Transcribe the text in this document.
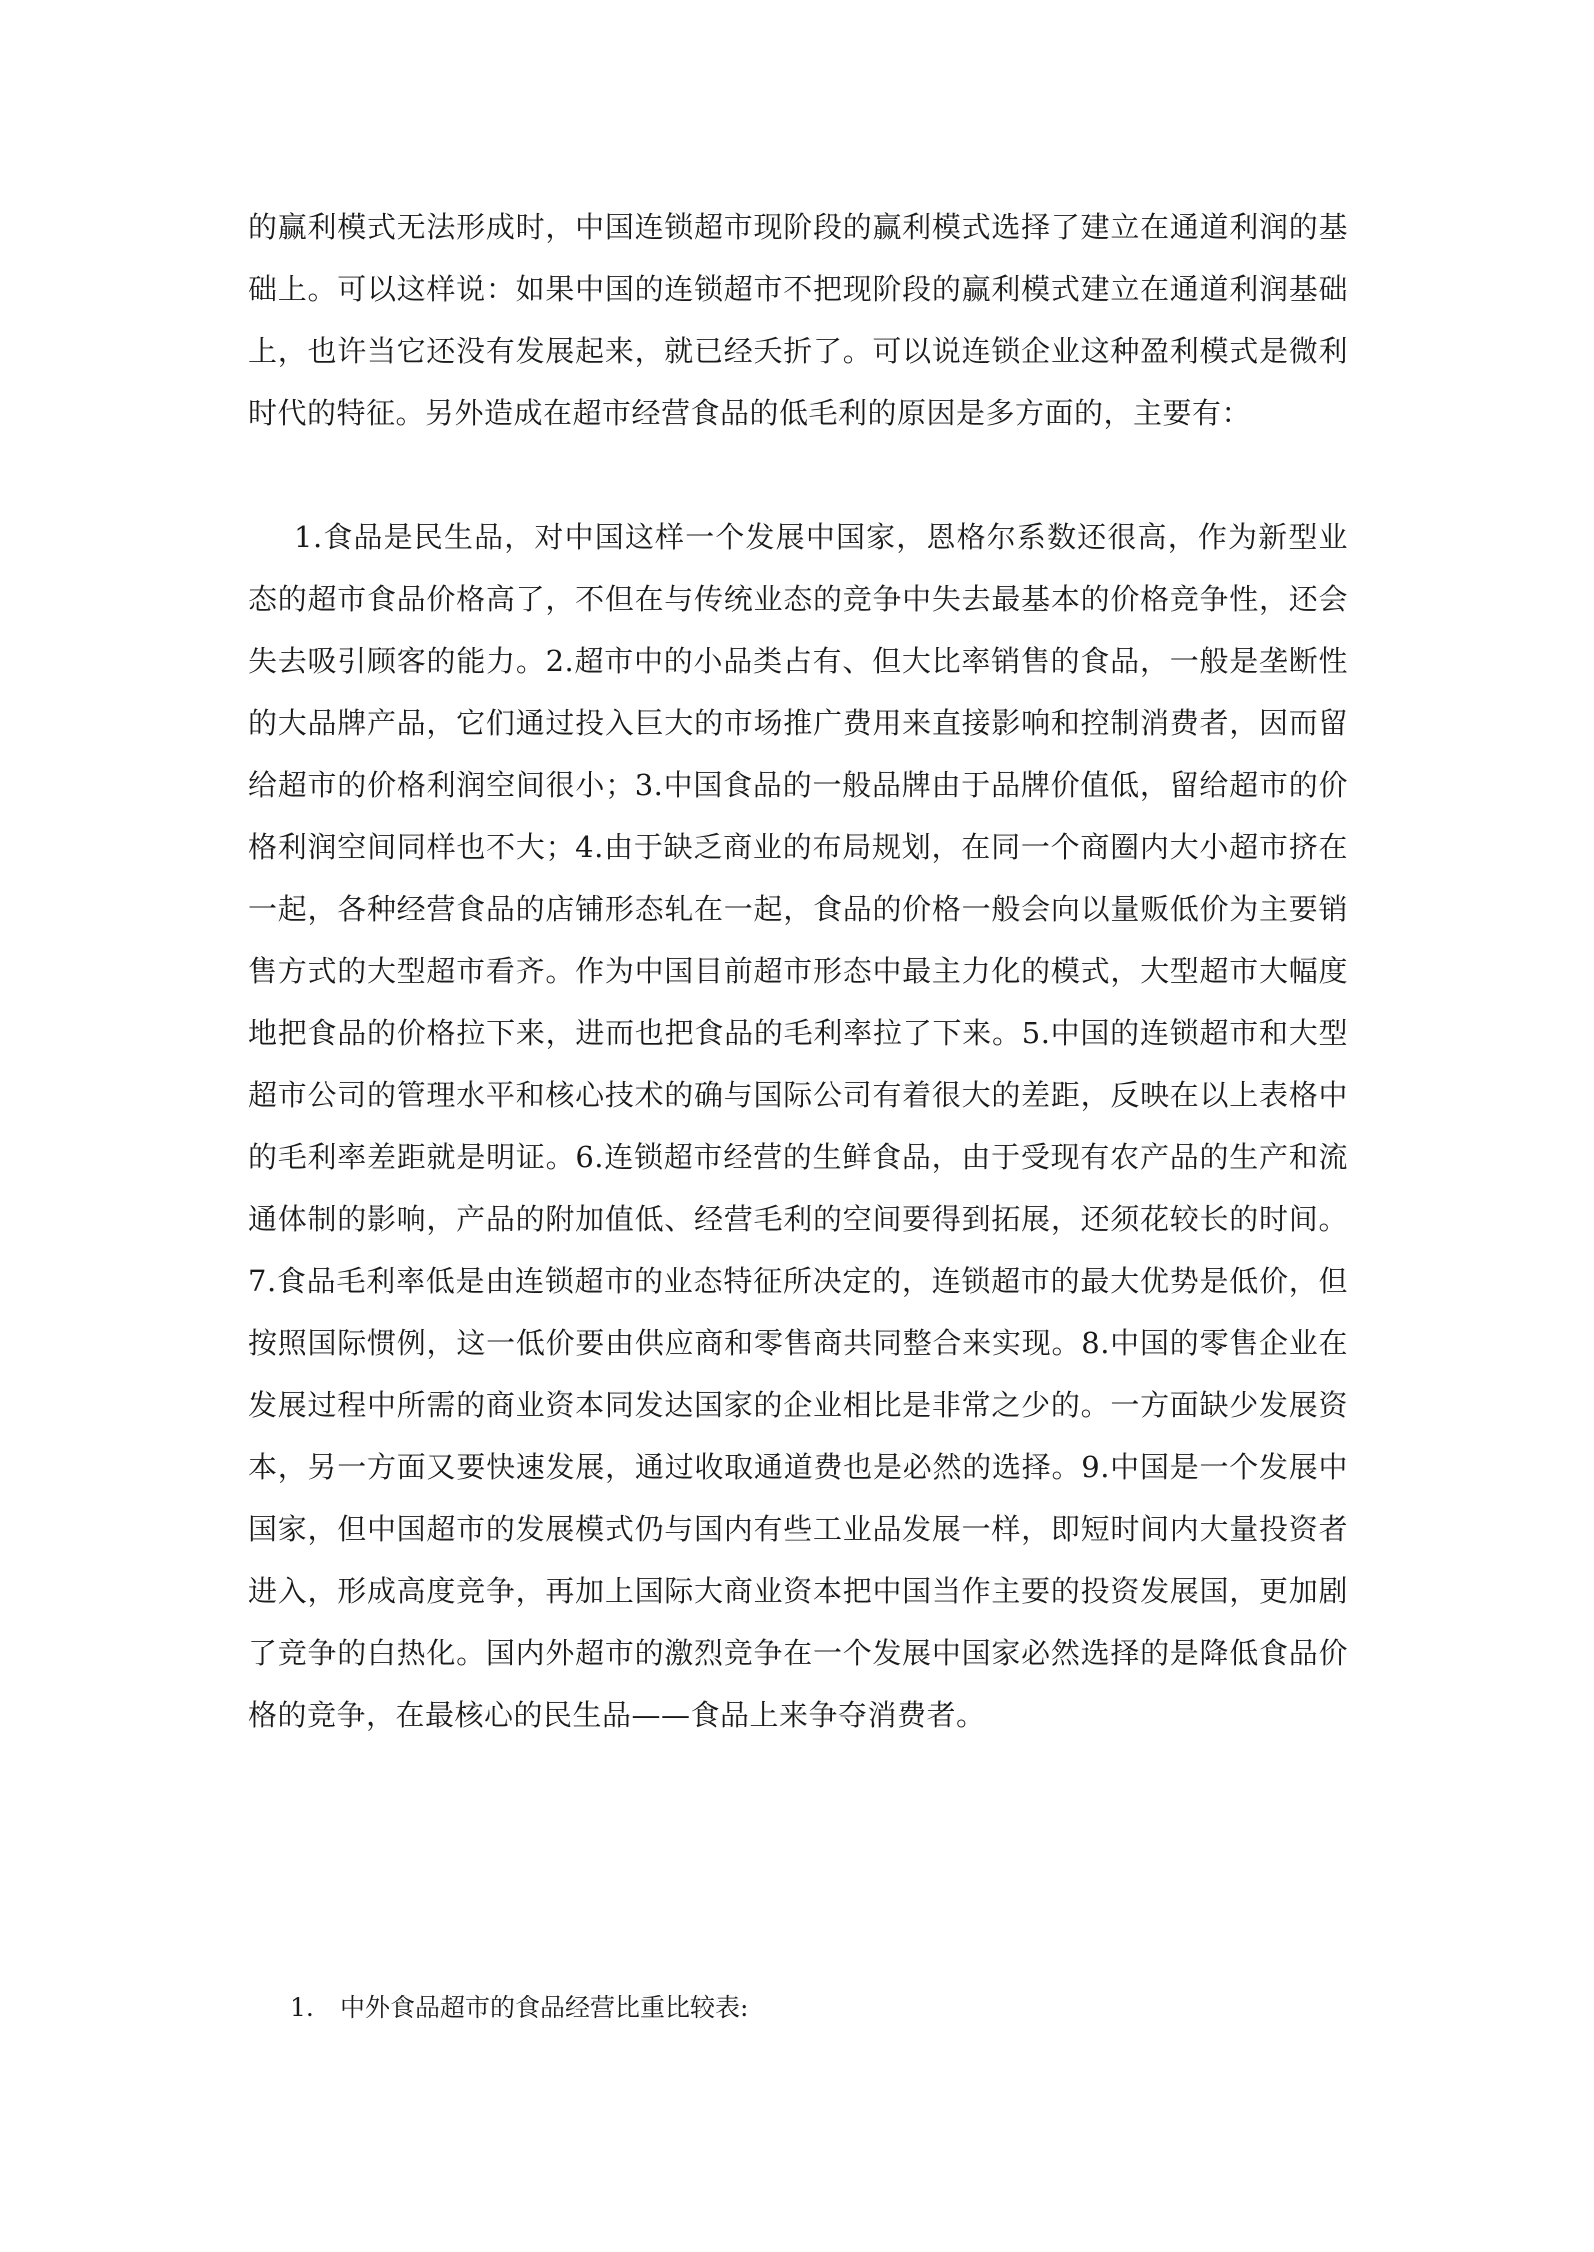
的赢利模式无法形成时，中国连锁超市现阶段的赢利模式选择了建立在通道利润的基础上。可以这样说：如果中国的连锁超市不把现阶段的赢利模式建立在通道利润基础上，也许当它还没有发展起来，就已经夭折了。可以说连锁企业这种盈利模式是微利时代的特征。另外造成在超市经营食品的低毛利的原因是多方面的，主要有：

1.食品是民生品，对中国这样一个发展中国家，恩格尔系数还很高，作为新型业态的超市食品价格高了，不但在与传统业态的竞争中失去最基本的价格竞争性，还会失去吸引顾客的能力。2.超市中的小品类占有、但大比率销售的食品，一般是垄断性的大品牌产品，它们通过投入巨大的市场推广费用来直接影响和控制消费者，因而留给超市的价格利润空间很小；3.中国食品的一般品牌由于品牌价值低，留给超市的价格利润空间同样也不大；4.由于缺乏商业的布局规划，在同一个商圈内大小超市挤在一起，各种经营食品的店铺形态轧在一起，食品的价格一般会向以量贩低价为主要销售方式的大型超市看齐。作为中国目前超市形态中最主力化的模式，大型超市大幅度地把食品的价格拉下来，进而也把食品的毛利率拉了下来。5.中国的连锁超市和大型超市公司的管理水平和核心技术的确与国际公司有着很大的差距，反映在以上表格中的毛利率差距就是明证。6.连锁超市经营的生鲜食品，由于受现有农产品的生产和流通体制的影响，产品的附加值低、经营毛利的空间要得到拓展，还须花较长的时间。7.食品毛利率低是由连锁超市的业态特征所决定的，连锁超市的最大优势是低价，但按照国际惯例，这一低价要由供应商和零售商共同整合来实现。8.中国的零售企业在发展过程中所需的商业资本同发达国家的企业相比是非常之少的。一方面缺少发展资本，另一方面又要快速发展，通过收取通道费也是必然的选择。9.中国是一个发展中国家，但中国超市的发展模式仍与国内有些工业品发展一样，即短时间内大量投资者进入，形成高度竞争，再加上国际大商业资本把中国当作主要的投资发展国，更加剧了竞争的白热化。国内外超市的激烈竞争在一个发展中国家必然选择的是降低食品价格的竞争，在最核心的民生品——食品上来争夺消费者。

1. 中外食品超市的食品经营比重比较表:
